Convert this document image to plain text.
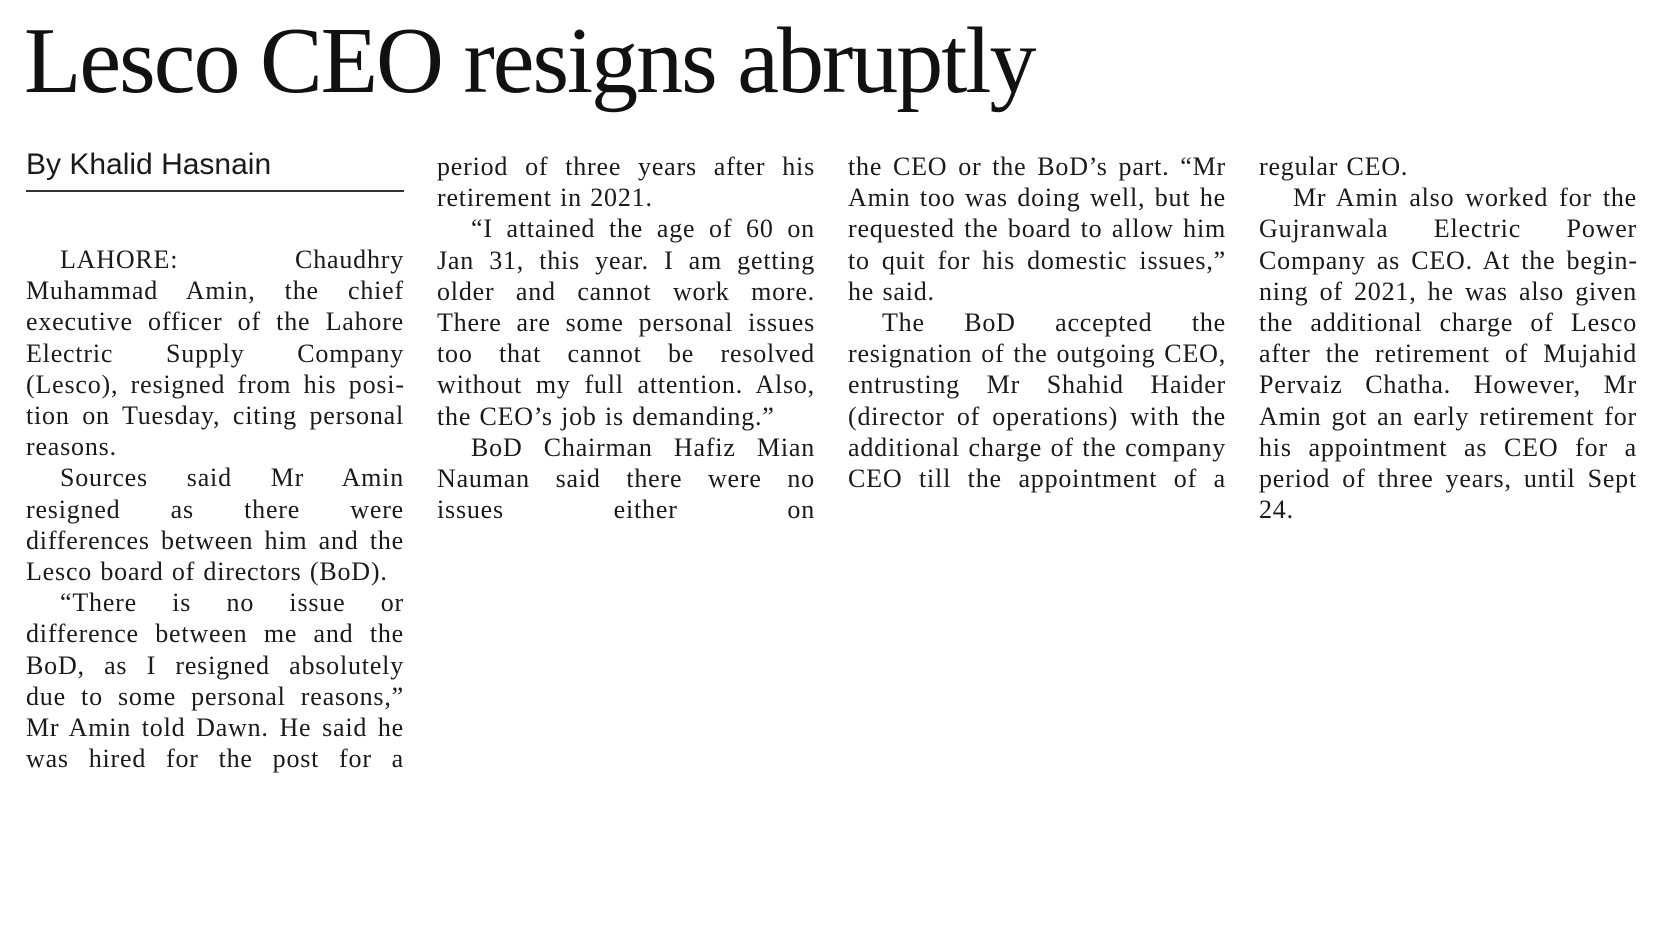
Lesco CEO resigns abruptly
By Khalid Hasnain

LAHORE: Chaudhry Muhammad Amin, the chief executive officer of the Lahore Electric Supply Company (Lesco), resigned from his position on Tuesday, citing personal reasons.

Sources said Mr Amin resigned as there were differences between him and the Lesco board of directors (BoD).

“There is no issue or difference between me and the BoD, as I resigned absolutely due to some personal reasons,” Mr Amin told Dawn. He said he was hired for the post for a

period of three years after his retirement in 2021.

“I attained the age of 60 on Jan 31, this year. I am getting older and cannot work more. There are some personal issues too that cannot be resolved without my full attention. Also, the CEO’s job is demanding.”

BoD Chairman Hafiz Mian Nauman said there were no issues either on

the CEO or the BoD’s part. “Mr Amin too was doing well, but he requested the board to allow him to quit for his domestic issues,” he said.

The BoD accepted the resignation of the outgoing CEO, entrusting Mr Shahid Haider (director of operations) with the additional charge of the company CEO till the appointment of a

regular CEO.

Mr Amin also worked for the Gujranwala Electric Power Company as CEO. At the beginning of 2021, he was also given the additional charge of Lesco after the retirement of Mujahid Pervaiz Chatha. However, Mr Amin got an early retirement for his appointment as CEO for a period of three years, until Sept 24.
